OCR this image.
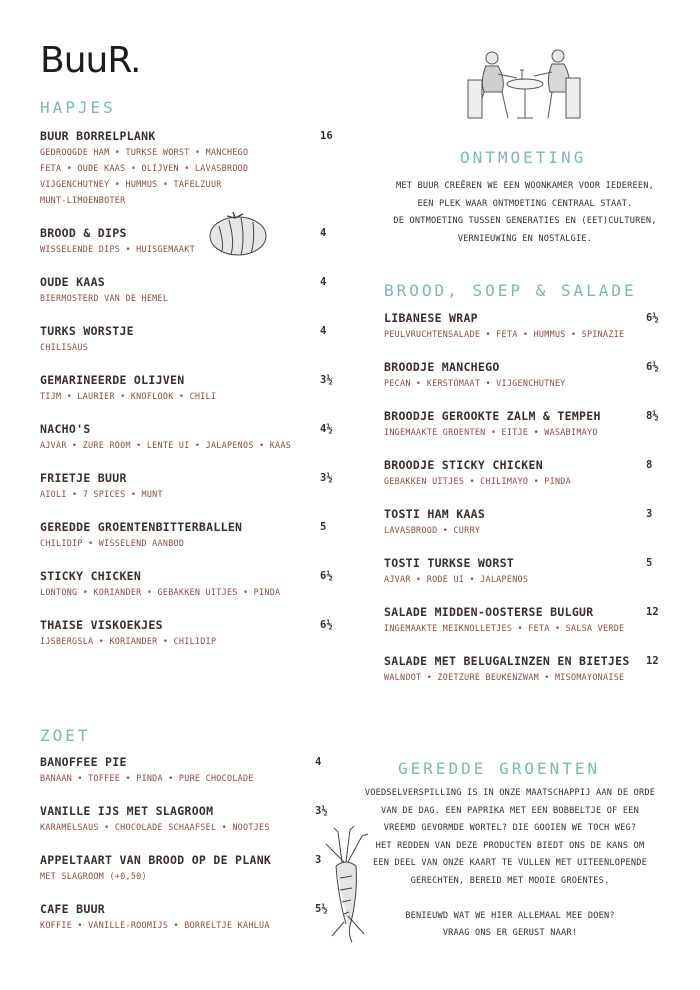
BuuR.
HAPJES
BUUR BORRELPLANK
GEDROOGDE HAM • TURKSE WORST • MANCHEGO
FETA • OUDE KAAS • OLIJVEN • LAVASBROOD
VIJGENCHUTNEY • HUMMUS • TAFELZUUR
MUNT-LIMOENBOTER
16
BROOD & DIPS
WISSELENDE DIPS • HUISGEMAAKT
4
OUDE KAAS
BIERMOSTERD VAN DE HEMEL
4
TURKS WORSTJE
CHILISAUS
4
GEMARINEERDE OLIJVEN
TIJM • LAURIER • KNOFLOOK • CHILI
3½
NACHO'S
AJVAR • ZURE ROOM • LENTE UI • JALAPENOS • KAAS
4½
FRIETJE BUUR
AIOLI • 7 SPICES • MUNT
3½
GEREDDE GROENTENBITTERBALLEN
CHILIDIP • WISSELEND AANBOD
5
STICKY CHICKEN
LONTONG • KORIANDER • GEBAKKEN UITJES • PINDA
6½
THAISE VISKOEKJES
IJSBERGSLA • KORIANDER • CHILIDIP
6½
ONTMOETING
MET BUUR CREËREN WE EEN WOONKAMER VOOR IEDEREEN,
EEN PLEK WAAR ONTMOETING CENTRAAL STAAT.
DE ONTMOETING TUSSEN GENERATIES EN (EET)CULTUREN,
VERNIEUWING EN NOSTALGIE.
BROOD, SOEP & SALADE
LIBANESE WRAP
PEULVRUCHTENSALADE • FETA • HUMMUS • SPINAZIE
6½
BROODJE MANCHEGO
PECAN • KERSTOMAAT • VIJGENCHUTNEY
6½
BROODJE GEROOKTE ZALM & TEMPEH
INGEMAAKTE GROENTEN • EITJE • WASABIMAYO
8½
BROODJE STICKY CHICKEN
GEBAKKEN UITJES • CHILIMAYO • PINDA
8
TOSTI HAM KAAS
LAVASBROOD • CURRY
3
TOSTI TURKSE WORST
AJVAR • RODE UI • JALAPENOS
5
SALADE MIDDEN-OOSTERSE BULGUR
INGEMAAKTE MEIKNOLLETJES • FETA • SALSA VERDE
12
SALADE MET BELUGALINZEN EN BIETJES
WALNOOT • ZOETZURE BEUKENZWAM • MISOMAYONAISE
12
ZOET
BANOFFEE PIE
BANAAN • TOFFEE • PINDA • PURE CHOCOLADE
4
VANILLE IJS MET SLAGROOM
KARAMELSAUS • CHOCOLADE SCHAAFSEL • NOOTJES
3½
APPELTAART VAN BROOD OP DE PLANK
MET SLAGROOM (+0,50)
3
CAFE BUUR
KOFFIE • VANILLE-ROOMIJS • BORRELTJE KAHLUA
5½
GEREDDE GROENTEN
VOEDSELVERSPILLING IS IN ONZE MAATSCHAPPIJ AAN DE ORDE
VAN DE DAG. EEN PAPRIKA MET EEN BOBBELTJE OF EEN
VREEMD GEVORMDE WORTEL? DIE GOOIEN WE TOCH WEG?
HET REDDEN VAN DEZE PRODUCTEN BIEDT ONS DE KANS OM
EEN DEEL VAN ONZE KAART TE VULLEN MET UITEENLOPENDE
GERECHTEN, BEREID MET MOOIE GROENTES.

BENIEUWD WAT WE HIER ALLEMAAL MEE DOEN?
VRAAG ONS ER GERUST NAAR!
